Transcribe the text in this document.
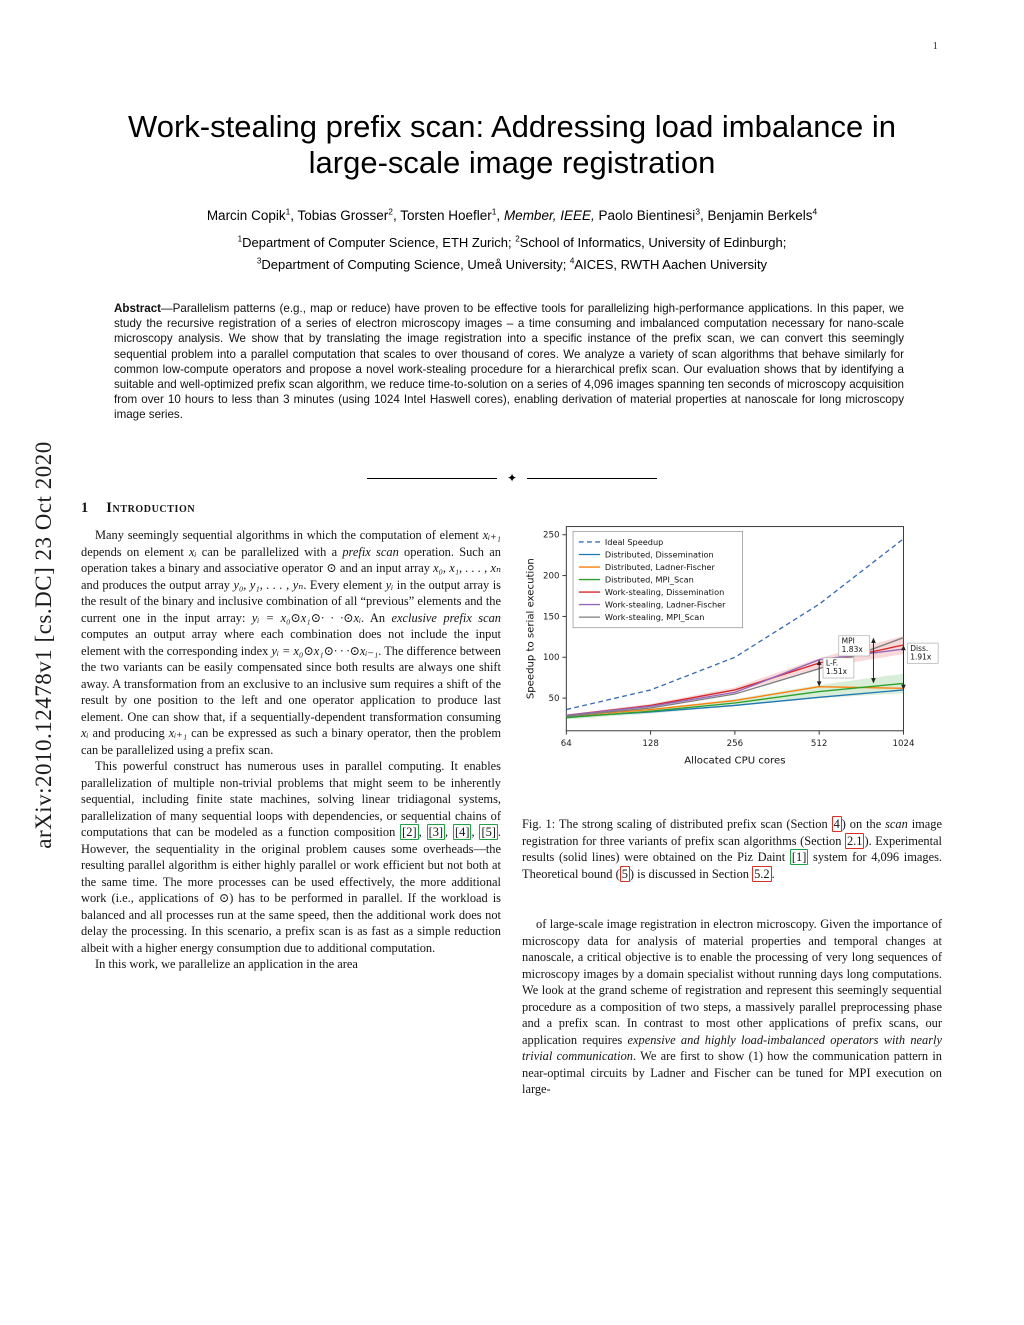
1
Work-stealing prefix scan: Addressing load imbalance in large-scale image registration
Marcin Copik$^1$, Tobias Grosser$^2$, Torsten Hoefler$^1$, Member, IEEE, Paolo Bientinesi$^3$, Benjamin Berkels$^4$
$^1$Department of Computer Science, ETH Zurich; $^2$School of Informatics, University of Edinburgh;
$^3$Department of Computing Science, Umeå University; $^4$AICES, RWTH Aachen University
Abstract—Parallelism patterns (e.g., map or reduce) have proven to be effective tools for parallelizing high-performance applications. In this paper, we study the recursive registration of a series of electron microscopy images – a time consuming and imbalanced computation necessary for nano-scale microscopy analysis. We show that by translating the image registration into a specific instance of the prefix scan, we can convert this seemingly sequential problem into a parallel computation that scales to over thousand of cores. We analyze a variety of scan algorithms that behave similarly for common low-compute operators and propose a novel work-stealing procedure for a hierarchical prefix scan. Our evaluation shows that by identifying a suitable and well-optimized prefix scan algorithm, we reduce time-to-solution on a series of 4,096 images spanning ten seconds of microscopy acquisition from over 10 hours to less than 3 minutes (using 1024 Intel Haswell cores), enabling derivation of material properties at nanoscale for long microscopy image series.
✦
1 Introduction

Many seemingly sequential algorithms in which the computation of element xᵢ₊₁ depends on element xᵢ can be parallelized with a prefix scan operation. Such an operation takes a binary and associative operator ⊙ and an input array x₀, x₁, . . . , xₙ and produces the output array y₀, y₁, . . . , yₙ. Every element yᵢ in the output array is the result of the binary and inclusive combination of all “previous” elements and the current one in the input array: yᵢ = x₀⊙x₁⊙· · ·⊙xᵢ. An exclusive prefix scan computes an output array where each combination does not include the input element with the corresponding index yᵢ = x₀⊙x₁⊙· · ·⊙xᵢ₋₁. The difference between the two variants can be easily compensated since both results are always one shift away. A transformation from an exclusive to an inclusive sum requires a shift of the result by one position to the left and one operator application to produce last element. One can show that, if a sequentially-dependent transformation consuming xᵢ and producing xᵢ₊₁ can be expressed as such a binary operator, then the problem can be parallelized using a prefix scan.

This powerful construct has numerous uses in parallel computing. It enables parallelization of multiple non-trivial problems that might seem to be inherently sequential, including finite state machines, solving linear tridiagonal systems, parallelization of many sequential loops with dependencies, or sequential chains of computations that can be modeled as a function composition [2] , [3] , [4] , [5] . However, the sequentiality in the original problem causes some overheads—the resulting parallel algorithm is either highly parallel or work efficient but not both at the same time. The more processes can be used effectively, the more additional work (i.e., applications of ⊙) has to be performed in parallel. If the workload is balanced and all processes run at the same speed, then the additional work does not delay the processing. In this scenario, a prefix scan is as fast as a simple reduction albeit with a higher energy consumption due to additional computation.

In this work, we parallelize an application in the area

50
100
150
200
250
64	128	256	512	1024
Allocated CPU cores
Speedup to serial execution
Ideal Speedup
Distributed, Dissemination
Distributed, Ladner-Fischer
Distributed, MPI_Scan
Work-stealing, Dissemination
Work-stealing, Ladner-Fischer
Work-stealing, MPI_Scan
L-F.
1.51x
MPI
1.83x	Diss.
1.91x

Fig. 1: The strong scaling of distributed prefix scan (Section 4 ) on the scan image registration for three variants of prefix scan algorithms (Section 2.1 ). Experimental results (solid lines) were obtained on the Piz Daint [1] system for 4,096 images. Theoretical bound ( 5 ) is discussed in Section 5.2 .

of large-scale image registration in electron microscopy. Given the importance of microscopy data for analysis of material properties and temporal changes at nanoscale, a critical objective is to enable the processing of very long sequences of microscopy images by a domain specialist without running days long computations. We look at the grand scheme of registration and represent this seemingly sequential procedure as a composition of two steps, a massively parallel preprocessing phase and a prefix scan. In contrast to most other applications of prefix scans, our application requires expensive and highly load-imbalanced operators with nearly trivial communication. We are first to show (1) how the communication pattern in near-optimal circuits by Ladner and Fischer can be tuned for MPI execution on large-

arXiv:2010.12478v1 [cs.DC] 23 Oct 2020
